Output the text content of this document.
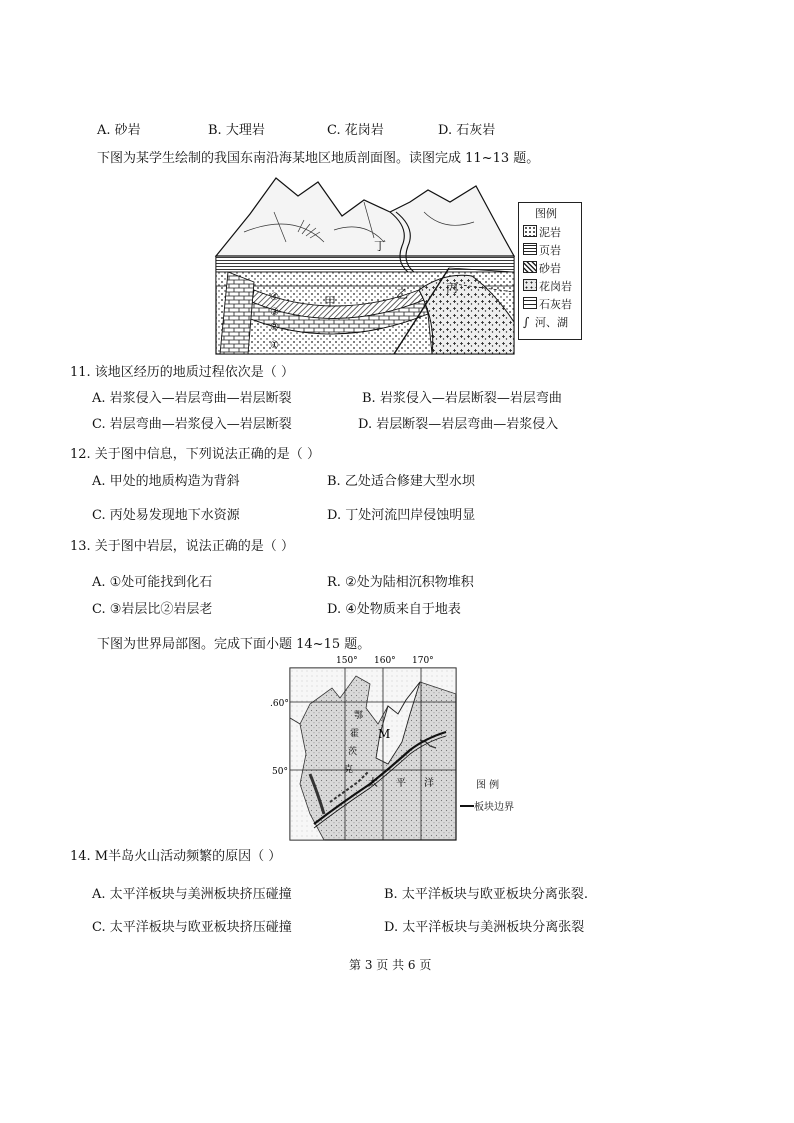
A. 砂岩	B. 大理岩	C. 花岗岩	D. 石灰岩
下图为某学生绘制的我国东南沿海某地区地质剖面图。读图完成 11~13 题。
丁
甲
乙	丙
④
③
②
①
图例
泥岩
页岩
砂岩
花岗岩
石灰岩
∫ 河、湖
11. 该地区经历的地质过程依次是（ ）
A. 岩浆侵入—岩层弯曲—岩层断裂	B. 岩浆侵入—岩层断裂—岩层弯曲
C. 岩层弯曲—岩浆侵入—岩层断裂	D. 岩层断裂—岩层弯曲—岩浆侵入
12. 关于图中信息，下列说法正确的是（ ）
A. 甲处的地质构造为背斜	B. 乙处适合修建大型水坝
C. 丙处易发现地下水资源	D. 丁处河流凹岸侵蚀明显
13. 关于图中岩层，说法正确的是（ ）
A. ①处可能找到化石	R. ②处为陆相沉积物堆积
C. ③岩层比②岩层老	D. ④处物质来自于地表
下图为世界局部图。完成下面小题 14~15 题。
150° 160° 170°
.60°
50°
M
鄂
霍
茨
克
太 平 洋	图 例
板块边界
14. M半岛火山活动频繁的原因（ ）
A. 太平洋板块与美洲板块挤压碰撞	B. 太平洋板块与欧亚板块分离张裂.
C. 太平洋板块与欧亚板块挤压碰撞	D. 太平洋板块与美洲板块分离张裂
第 3 页 共 6 页
